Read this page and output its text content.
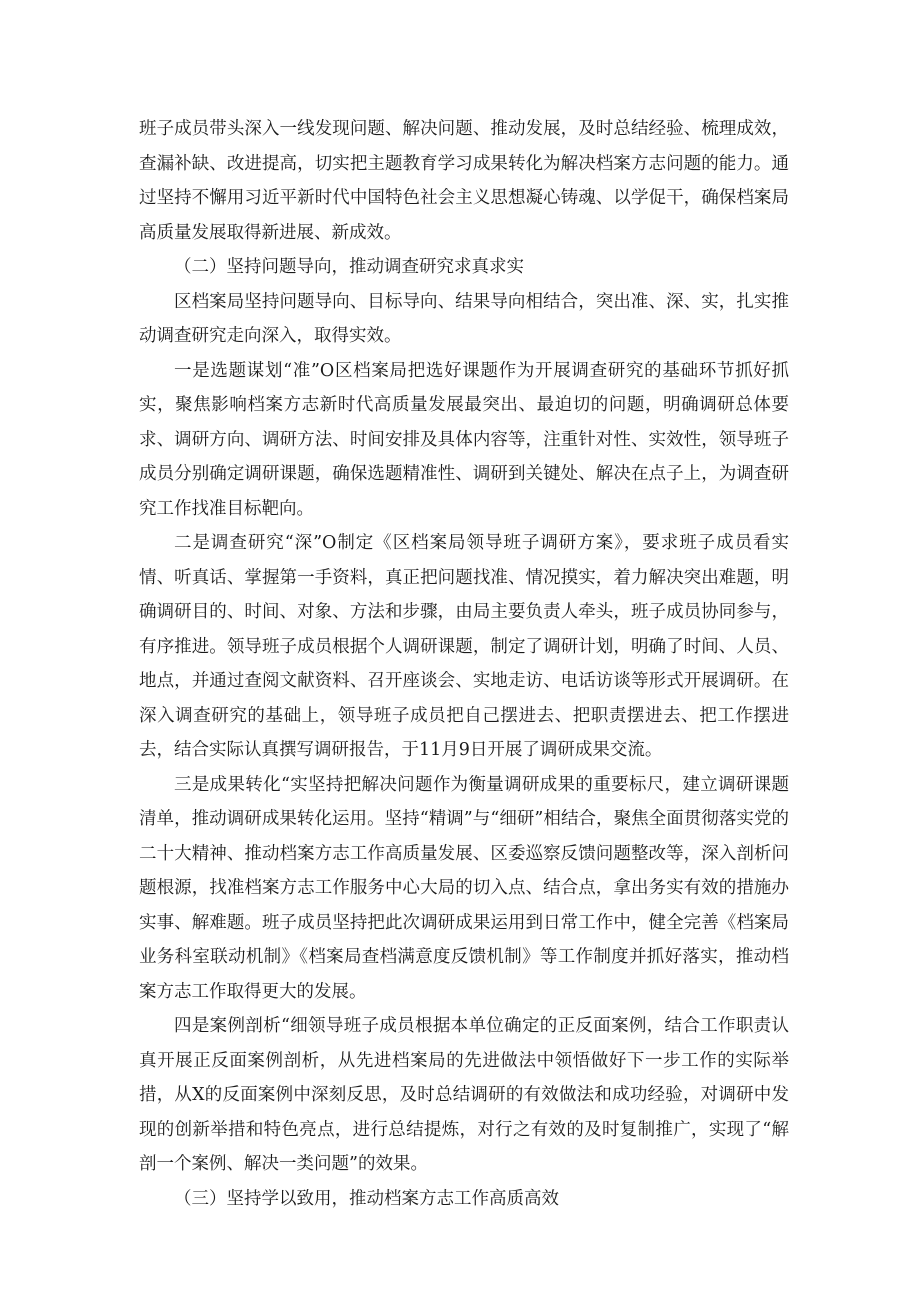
班子成员带头深入一线发现问题、解决问题、推动发展，及时总结经验、梳理成效，查漏补缺、改进提高，切实把主题教育学习成果转化为解决档案方志问题的能力。通过坚持不懈用习近平新时代中国特色社会主义思想凝心铸魂、以学促干，确保档案局高质量发展取得新进展、新成效。

（二）坚持问题导向，推动调查研究求真求实

区档案局坚持问题导向、目标导向、结果导向相结合，突出准、深、实，扎实推动调查研究走向深入，取得实效。

一是选题谋划“准”O区档案局把选好课题作为开展调查研究的基础环节抓好抓实，聚焦影响档案方志新时代高质量发展最突出、最迫切的问题，明确调研总体要求、调研方向、调研方法、时间安排及具体内容等，注重针对性、实效性，领导班子成员分别确定调研课题，确保选题精准性、调研到关键处、解决在点子上，为调查研究工作找准目标靶向。

二是调查研究“深”O制定《区档案局领导班子调研方案》，要求班子成员看实情、听真话、掌握第一手资料，真正把问题找准、情况摸实，着力解决突出难题，明确调研目的、时间、对象、方法和步骤，由局主要负责人牵头，班子成员协同参与，有序推进。领导班子成员根据个人调研课题，制定了调研计划，明确了时间、人员、地点，并通过查阅文献资料、召开座谈会、实地走访、电话访谈等形式开展调研。在深入调查研究的基础上，领导班子成员把自己摆进去、把职责摆进去、把工作摆进去，结合实际认真撰写调研报告，于11月9日开展了调研成果交流。

三是成果转化“实坚持把解决问题作为衡量调研成果的重要标尺，建立调研课题清单，推动调研成果转化运用。坚持“精调”与“细研”相结合，聚焦全面贯彻落实党的二十大精神、推动档案方志工作高质量发展、区委巡察反馈问题整改等，深入剖析问题根源，找准档案方志工作服务中心大局的切入点、结合点，拿出务实有效的措施办实事、解难题。班子成员坚持把此次调研成果运用到日常工作中，健全完善《档案局业务科室联动机制》《档案局查档满意度反馈机制》等工作制度并抓好落实，推动档案方志工作取得更大的发展。

四是案例剖析“细领导班子成员根据本单位确定的正反面案例，结合工作职责认真开展正反面案例剖析，从先进档案局的先进做法中领悟做好下一步工作的实际举措，从X的反面案例中深刻反思，及时总结调研的有效做法和成功经验，对调研中发现的创新举措和特色亮点，进行总结提炼，对行之有效的及时复制推广，实现了“解剖一个案例、解决一类问题”的效果。

（三）坚持学以致用，推动档案方志工作高质高效
